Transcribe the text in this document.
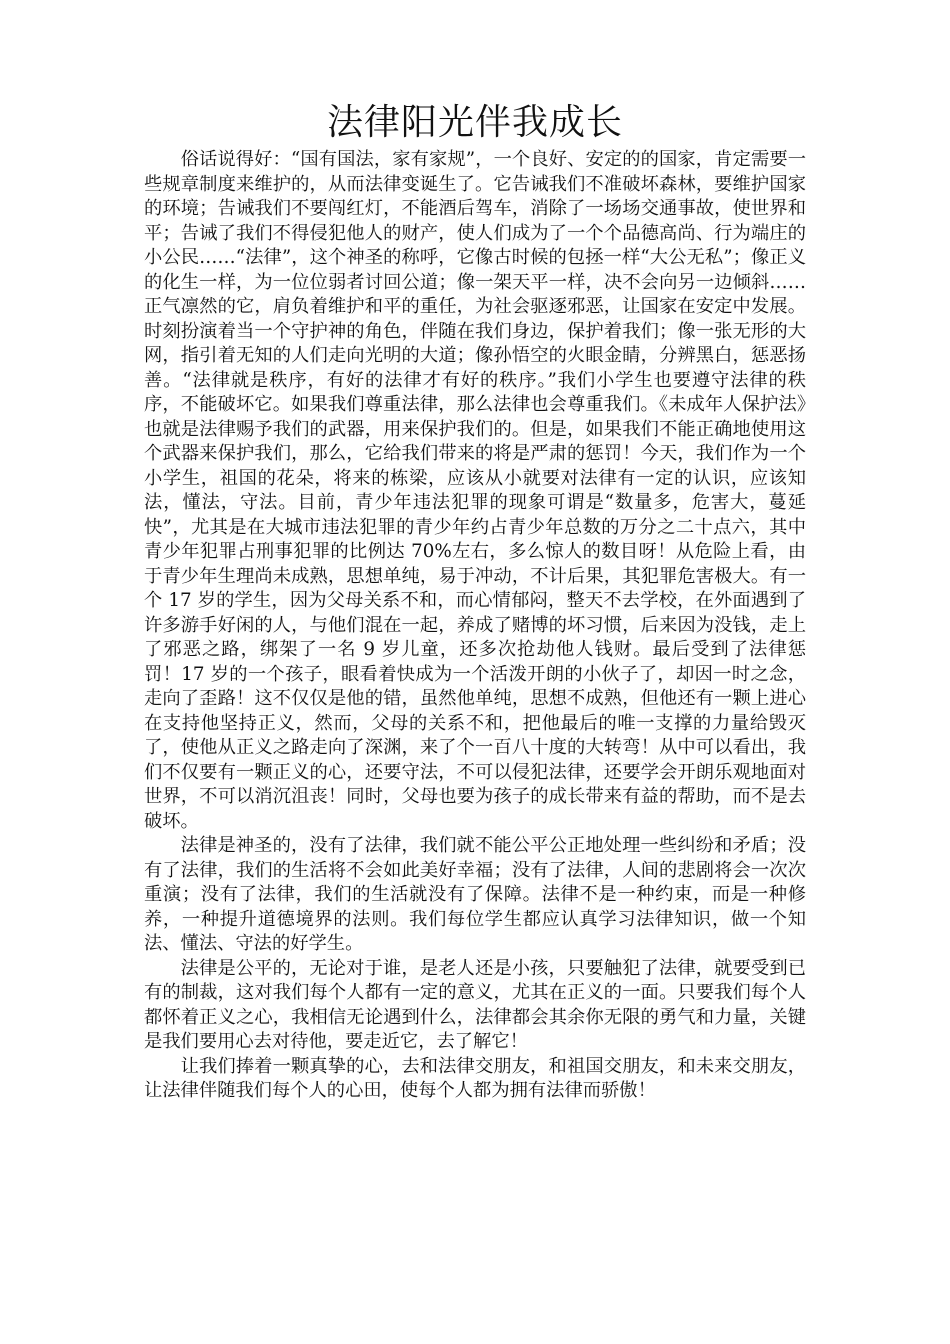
法律阳光伴我成长

俗话说得好：“国有国法，家有家规”，一个良好、安定的的国家，肯定需要一些规章制度来维护的，从而法律变诞生了。它告诫我们不准破坏森林，要维护国家的环境；告诫我们不要闯红灯，不能酒后驾车，消除了一场场交通事故，使世界和平；告诫了我们不得侵犯他人的财产，使人们成为了一个个品德高尚、行为端庄的小公民……“法律”，这个神圣的称呼，它像古时候的包拯一样“大公无私”；像正义的化生一样，为一位位弱者讨回公道；像一架天平一样，决不会向另一边倾斜……正气凛然的它，肩负着维护和平的重任，为社会驱逐邪恶，让国家在安定中发展。时刻扮演着当一个守护神的角色，伴随在我们身边，保护着我们；像一张无形的大网，指引着无知的人们走向光明的大道；像孙悟空的火眼金睛，分辨黑白，惩恶扬善。“法律就是秩序，有好的法律才有好的秩序。”我们小学生也要遵守法律的秩序，不能破坏它。如果我们尊重法律，那么法律也会尊重我们。《未成年人保护法》也就是法律赐予我们的武器，用来保护我们的。但是，如果我们不能正确地使用这个武器来保护我们，那么，它给我们带来的将是严肃的惩罚！今天，我们作为一个小学生，祖国的花朵，将来的栋梁，应该从小就要对法律有一定的认识，应该知法，懂法，守法。目前，青少年违法犯罪的现象可谓是“数量多，危害大，蔓延快”，尤其是在大城市违法犯罪的青少年约占青少年总数的万分之二十点六，其中青少年犯罪占刑事犯罪的比例达 70%左右，多么惊人的数目呀！从危险上看，由于青少年生理尚未成熟，思想单纯，易于冲动，不计后果，其犯罪危害极大。有一个 17 岁的学生，因为父母关系不和，而心情郁闷，整天不去学校，在外面遇到了许多游手好闲的人，与他们混在一起，养成了赌博的坏习惯，后来因为没钱，走上了邪恶之路，绑架了一名 9 岁儿童，还多次抢劫他人钱财。最后受到了法律惩罚！17 岁的一个孩子，眼看着快成为一个活泼开朗的小伙子了，却因一时之念，走向了歪路！这不仅仅是他的错，虽然他单纯，思想不成熟，但他还有一颗上进心在支持他坚持正义，然而，父母的关系不和，把他最后的唯一支撑的力量给毁灭了，使他从正义之路走向了深渊，来了个一百八十度的大转弯！从中可以看出，我们不仅要有一颗正义的心，还要守法，不可以侵犯法律，还要学会开朗乐观地面对世界，不可以消沉沮丧！同时，父母也要为孩子的成长带来有益的帮助，而不是去破坏。

法律是神圣的，没有了法律，我们就不能公平公正地处理一些纠纷和矛盾；没有了法律，我们的生活将不会如此美好幸福；没有了法律，人间的悲剧将会一次次重演；没有了法律，我们的生活就没有了保障。法律不是一种约束，而是一种修养，一种提升道德境界的法则。我们每位学生都应认真学习法律知识，做一个知法、懂法、守法的好学生。

法律是公平的，无论对于谁，是老人还是小孩，只要触犯了法律，就要受到已有的制裁，这对我们每个人都有一定的意义，尤其在正义的一面。只要我们每个人都怀着正义之心，我相信无论遇到什么，法律都会其余你无限的勇气和力量，关键是我们要用心去对待他，要走近它，去了解它！

让我们捧着一颗真挚的心，去和法律交朋友，和祖国交朋友，和未来交朋友，让法律伴随我们每个人的心田，使每个人都为拥有法律而骄傲！
